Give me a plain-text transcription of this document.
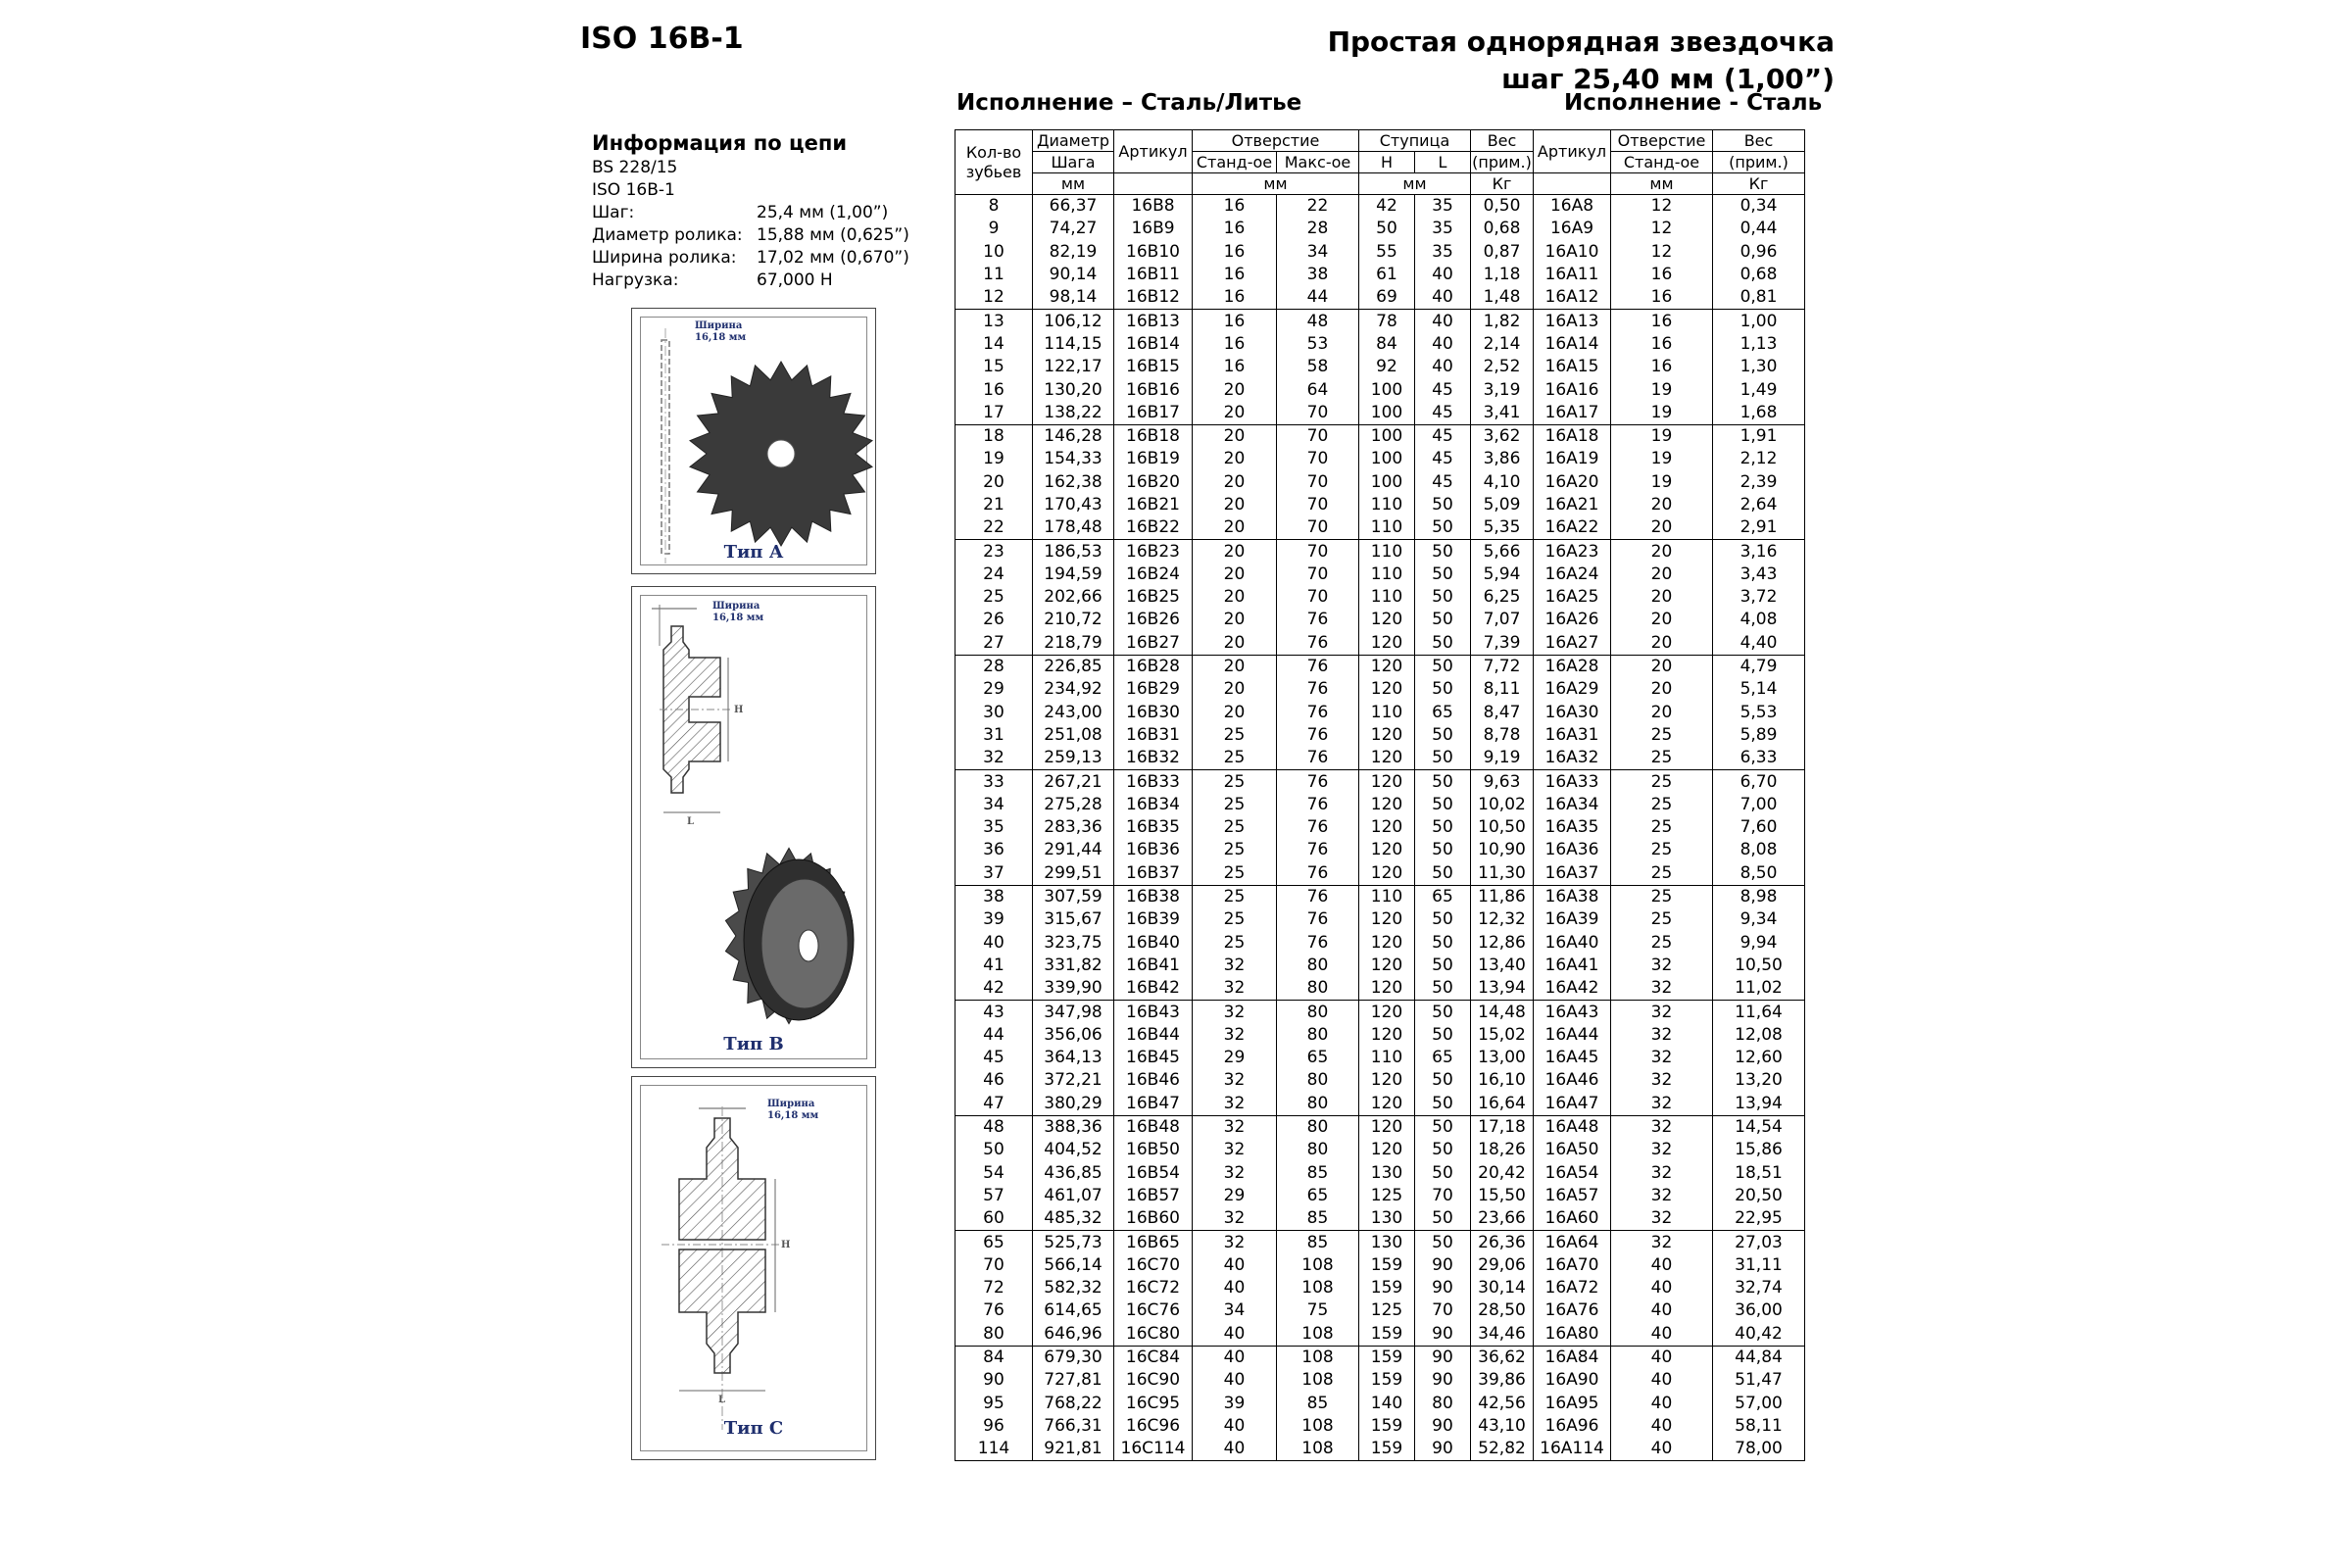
ISO 16B-1	Простая однорядная звездочка
шаг 25,40 мм (1,00”)
Исполнение – Сталь/Литье	Исполнение - Сталь
Информация по цепи
BS 228/15
ISO 16B-1
Шаг:	25,4 мм (1,00”)
Диаметр ролика: 15,88 мм (0,625”)
Ширина ролика:	17,02 мм (0,670”)
Нагрузка:	67,000 Н
Ширина
16,18 мм
Тип А
Ширина
16,18 мм
H
L
Тип В
Ширина
16,18 мм
H
L
Тип С
Кол-во зубьев	Диаметр	Артикул	Отверстие		Ступица		Вес	Артикул	Отверстие	Вес
	Шага		Станд-ое	Макс-ое	Н	L	(прим.)		Станд-ое	(прим.)
	мм		мм		мм		Кг		мм	Кг
8	66,37	16B8	16	22	42	35	0,50	16A8	12	0,34
9	74,27	16B9	16	28	50	35	0,68	16A9	12	0,44
10	82,19	16B10	16	34	55	35	0,87	16A10	12	0,96
11	90,14	16B11	16	38	61	40	1,18	16A11	16	0,68
12	98,14	16B12	16	44	69	40	1,48	16A12	16	0,81
13	106,12	16B13	16	48	78	40	1,82	16A13	16	1,00
14	114,15	16B14	16	53	84	40	2,14	16A14	16	1,13
15	122,17	16B15	16	58	92	40	2,52	16A15	16	1,30
16	130,20	16B16	20	64	100	45	3,19	16A16	19	1,49
17	138,22	16B17	20	70	100	45	3,41	16A17	19	1,68
18	146,28	16B18	20	70	100	45	3,62	16A18	19	1,91
19	154,33	16B19	20	70	100	45	3,86	16A19	19	2,12
20	162,38	16B20	20	70	100	45	4,10	16A20	19	2,39
21	170,43	16B21	20	70	110	50	5,09	16A21	20	2,64
22	178,48	16B22	20	70	110	50	5,35	16A22	20	2,91
23	186,53	16B23	20	70	110	50	5,66	16A23	20	3,16
24	194,59	16B24	20	70	110	50	5,94	16A24	20	3,43
25	202,66	16B25	20	70	110	50	6,25	16A25	20	3,72
26	210,72	16B26	20	76	120	50	7,07	16A26	20	4,08
27	218,79	16B27	20	76	120	50	7,39	16A27	20	4,40
28	226,85	16B28	20	76	120	50	7,72	16A28	20	4,79
29	234,92	16B29	20	76	120	50	8,11	16A29	20	5,14
30	243,00	16B30	20	76	110	65	8,47	16A30	20	5,53
31	251,08	16B31	25	76	120	50	8,78	16A31	25	5,89
32	259,13	16B32	25	76	120	50	9,19	16A32	25	6,33
33	267,21	16B33	25	76	120	50	9,63	16A33	25	6,70
34	275,28	16B34	25	76	120	50	10,02	16A34	25	7,00
35	283,36	16B35	25	76	120	50	10,50	16A35	25	7,60
36	291,44	16B36	25	76	120	50	10,90	16A36	25	8,08
37	299,51	16B37	25	76	120	50	11,30	16A37	25	8,50
38	307,59	16B38	25	76	110	65	11,86	16A38	25	8,98
39	315,67	16B39	25	76	120	50	12,32	16A39	25	9,34
40	323,75	16B40	25	76	120	50	12,86	16A40	25	9,94
41	331,82	16B41	32	80	120	50	13,40	16A41	32	10,50
42	339,90	16B42	32	80	120	50	13,94	16A42	32	11,02
43	347,98	16B43	32	80	120	50	14,48	16A43	32	11,64
44	356,06	16B44	32	80	120	50	15,02	16A44	32	12,08
45	364,13	16B45	29	65	110	65	13,00	16A45	32	12,60
46	372,21	16B46	32	80	120	50	16,10	16A46	32	13,20
47	380,29	16B47	32	80	120	50	16,64	16A47	32	13,94
48	388,36	16B48	32	80	120	50	17,18	16A48	32	14,54
50	404,52	16B50	32	80	120	50	18,26	16A50	32	15,86
54	436,85	16B54	32	85	130	50	20,42	16A54	32	18,51
57	461,07	16B57	29	65	125	70	15,50	16A57	32	20,50
60	485,32	16B60	32	85	130	50	23,66	16A60	32	22,95
65	525,73	16B65	32	85	130	50	26,36	16A64	32	27,03
70	566,14	16C70	40	108	159	90	29,06	16A70	40	31,11
72	582,32	16C72	40	108	159	90	30,14	16A72	40	32,74
76	614,65	16C76	34	75	125	70	28,50	16A76	40	36,00
80	646,96	16C80	40	108	159	90	34,46	16A80	40	40,42
84	679,30	16C84	40	108	159	90	36,62	16A84	40	44,84
90	727,81	16C90	40	108	159	90	39,86	16A90	40	51,47
95	768,22	16C95	39	85	140	80	42,56	16A95	40	57,00
96	766,31	16C96	40	108	159	90	43,10	16A96	40	58,11
114	921,81	16C114	40	108	159	90	52,82	16A114	40	78,00
